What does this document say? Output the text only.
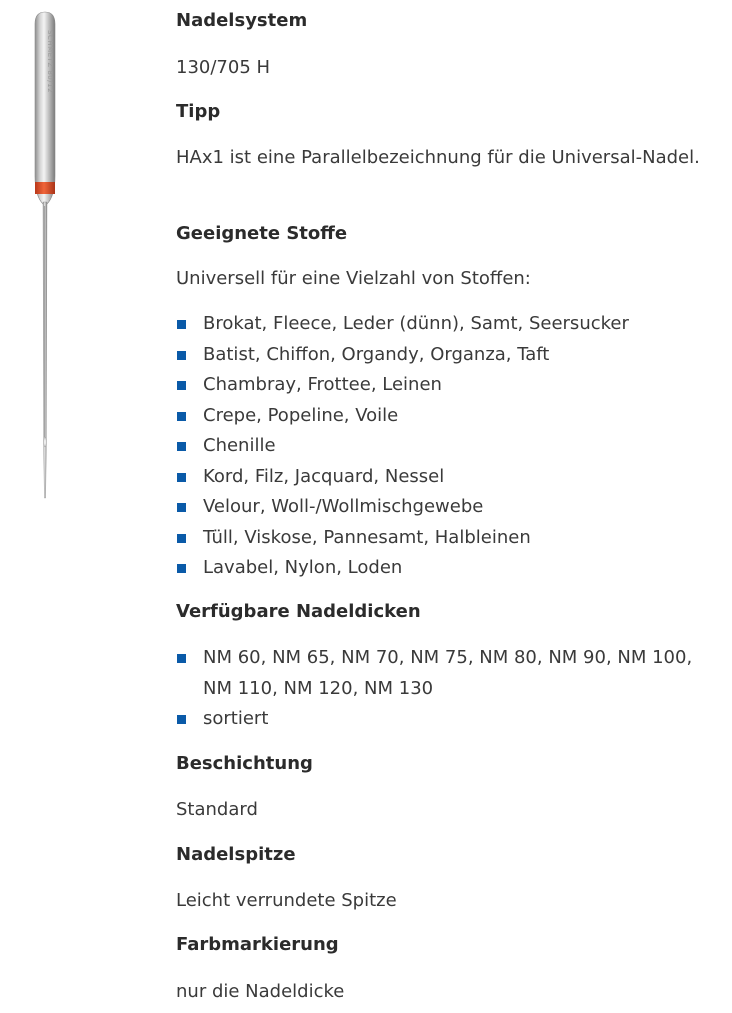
SCHMETZ 80/12
Nadelsystem

130/705 H

Tipp

HAx1 ist eine Parallelbezeichnung für die Universal-Nadel.

Geeignete Stoffe

Universell für eine Vielzahl von Stoffen:

Brokat, Fleece, Leder (dünn), Samt, Seersucker
Batist, Chiffon, Organdy, Organza, Taft
Chambray, Frottee, Leinen
Crepe, Popeline, Voile
Chenille
Kord, Filz, Jacquard, Nessel
Velour, Woll-/Wollmischgewebe
Tüll, Viskose, Pannesamt, Halbleinen
Lavabel, Nylon, Loden
Verfügbare Nadeldicken
NM 60, NM 65, NM 70, NM 75, NM 80, NM 90, NM 100, NM 110, NM 120, NM 130
sortiert
Beschichtung

Standard

Nadelspitze

Leicht verrundete Spitze

Farbmarkierung

nur die Nadeldicke
